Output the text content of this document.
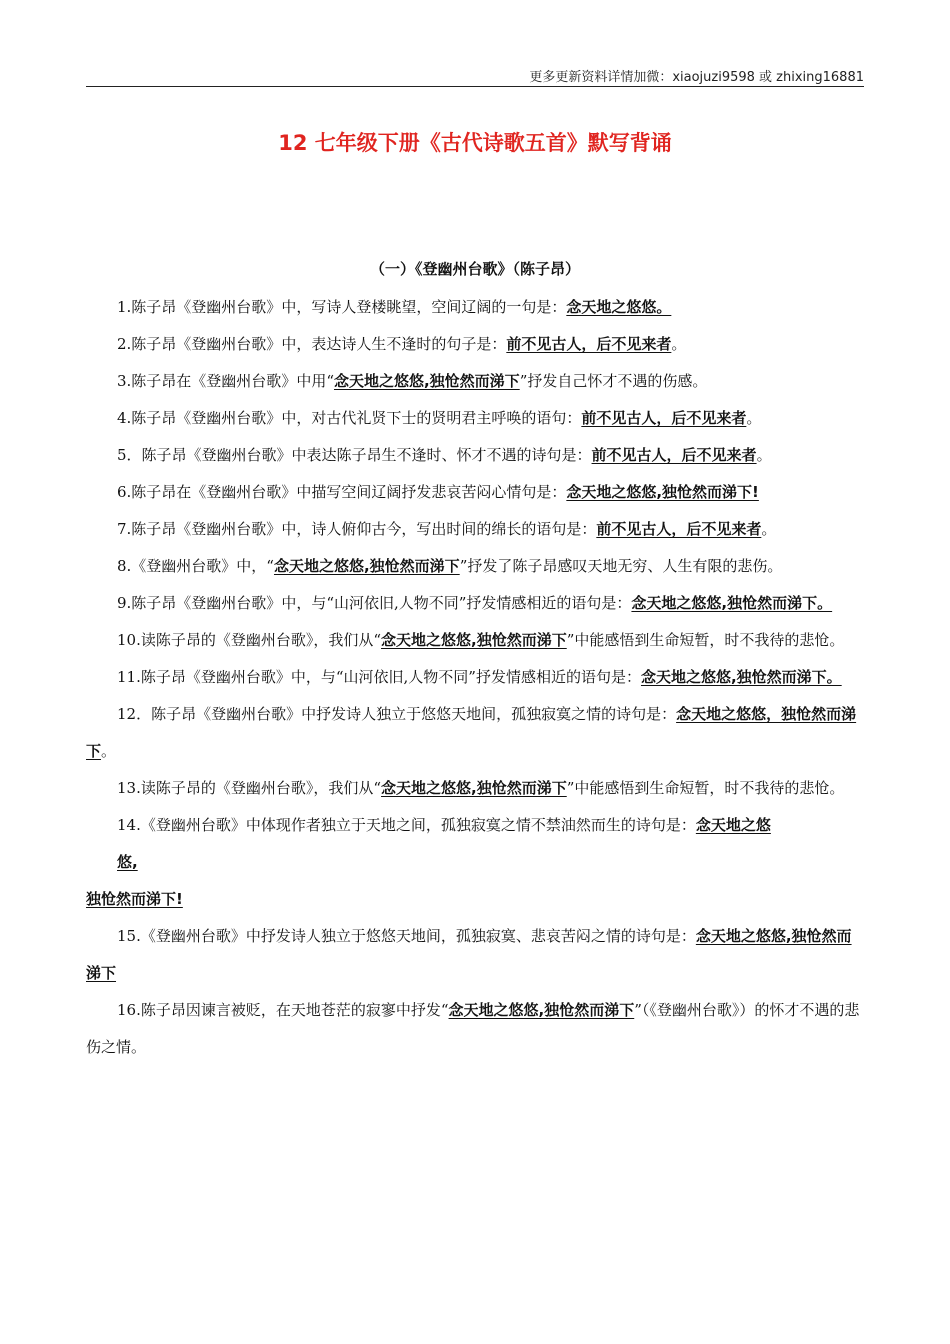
更多更新资料详情加微：xiaojuzi9598 或 zhixing16881
12 七年级下册《古代诗歌五首》默写背诵
（一）《登幽州台歌》（陈子昂）

1.陈子昂《登幽州台歌》中，写诗人登楼眺望，空间辽阔的一句是：念天地之悠悠。

2.陈子昂《登幽州台歌》中，表达诗人生不逢时的句子是：前不见古人，后不见来者。

3.陈子昂在《登幽州台歌》中用“念天地之悠悠,独怆然而涕下”抒发自己怀才不遇的伤感。

4.陈子昂《登幽州台歌》中，对古代礼贤下士的贤明君主呼唤的语句：前不见古人，后不见来者。

5．陈子昂《登幽州台歌》中表达陈子昂生不逢时、怀才不遇的诗句是：前不见古人，后不见来者。

6.陈子昂在《登幽州台歌》中描写空间辽阔抒发悲哀苦闷心情句是：念天地之悠悠,独怆然而涕下!

7.陈子昂《登幽州台歌》中，诗人俯仰古今，写出时间的绵长的语句是：前不见古人，后不见来者。

8.《登幽州台歌》中，“念天地之悠悠,独怆然而涕下”抒发了陈子昂感叹天地无穷、人生有限的悲伤。

9.陈子昂《登幽州台歌》中，与“山河依旧,人物不同”抒发情感相近的语句是：念天地之悠悠,独怆然而涕下。

10.读陈子昂的《登幽州台歌》，我们从“念天地之悠悠,独怆然而涕下”中能感悟到生命短暂，时不我待的悲怆。

11.陈子昂《登幽州台歌》中，与“山河依旧,人物不同”抒发情感相近的语句是：念天地之悠悠,独怆然而涕下。

12．陈子昂《登幽州台歌》中抒发诗人独立于悠悠天地间，孤独寂寞之情的诗句是：念天地之悠悠，独怆然而涕下。

13.读陈子昂的《登幽州台歌》，我们从“念天地之悠悠,独怆然而涕下”中能感悟到生命短暂，时不我待的悲怆。

14.《登幽州台歌》中体现作者独立于天地之间，孤独寂寞之情不禁油然而生的诗句是：念天地之悠

悠,

独怆然而涕下!

15.《登幽州台歌》中抒发诗人独立于悠悠天地间，孤独寂寞、悲哀苦闷之情的诗句是：念天地之悠悠,独怆然而涕下

16.陈子昂因谏言被贬，在天地苍茫的寂寥中抒发“念天地之悠悠,独怆然而涕下”（《登幽州台歌》）的怀才不遇的悲伤之情。
